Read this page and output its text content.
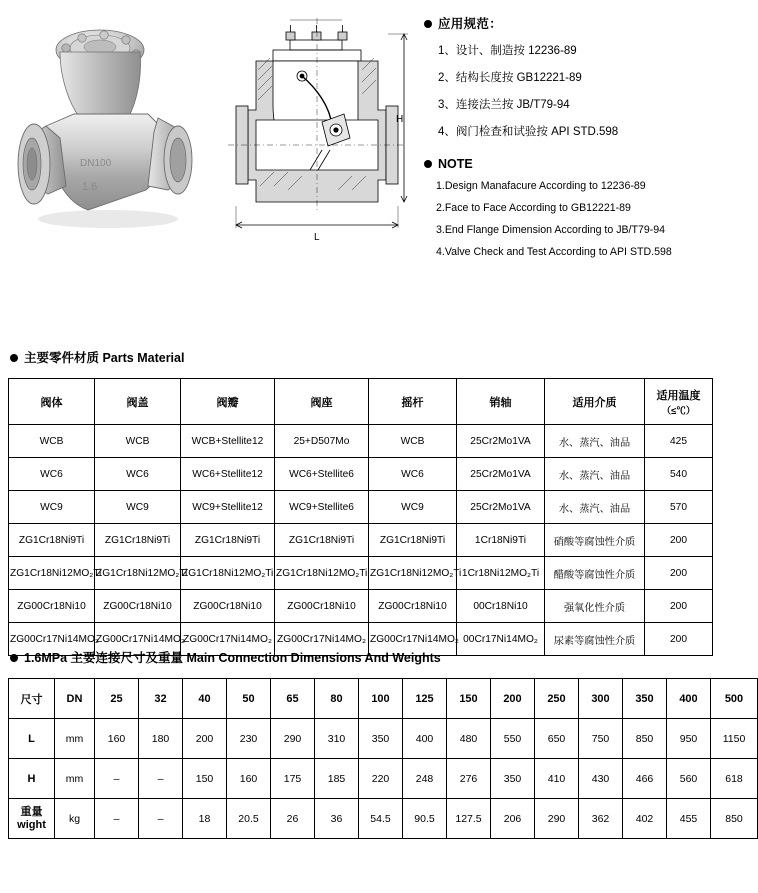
DN100
1.6
H
L
应用规范：
1、设计、制造按 12236-89
2、结构长度按 GB12221-89
3、连接法兰按 JB/T79-94
4、阀门检查和试验按 API STD.598
NOTE
1.Design Manafacure According to 12236-89
2.Face to Face According to GB12221-89
3.End Flange Dimension According to JB/T79-94
4.Valve Check and Test According to API STD.598
主要零件材质 Parts Material
阀体	阀盖	阀瓣	阀座	摇杆	销轴	适用介质	适用温度
（≤℃）

WCB	WCB	WCB+Stellite12	25+D507Mo	WCB	25Cr2Mo1VA	水、蒸汽、油品	425
WC6	WC6	WC6+Stellite12	WC6+Stellite6	WC6	25Cr2Mo1VA	水、蒸汽、油品	540
WC9	WC9	WC9+Stellite12	WC9+Stellite6	WC9	25Cr2Mo1VA	水、蒸汽、油品	570
ZG1Cr18Ni9Ti	ZG1Cr18Ni9Ti	ZG1Cr18Ni9Ti	ZG1Cr18Ni9Ti	ZG1Cr18Ni9Ti	1Cr18Ni9Ti	硝酸等腐蚀性介质	200
ZG1Cr18Ni12MO₂Ti	ZG1Cr18Ni12MO₂Ti	ZG1Cr18Ni12MO₂Ti	ZG1Cr18Ni12MO₂Ti	ZG1Cr18Ni12MO₂Ti	1Cr18Ni12MO₂Ti	醋酸等腐蚀性介质	200
ZG00Cr18Ni10	ZG00Cr18Ni10	ZG00Cr18Ni10	ZG00Cr18Ni10	ZG00Cr18Ni10	00Cr18Ni10	强氧化性介质	200
ZG00Cr17Ni14MO₂	ZG00Cr17Ni14MO₂	ZG00Cr17Ni14MO₂	ZG00Cr17Ni14MO₂	ZG00Cr17Ni14MO₂	00Cr17Ni14MO₂	尿素等腐蚀性介质	200
1.6MPa 主要连接尺寸及重量 Main Connection Dimensions And Weights
尺寸	DN	25	32	40	50	65	80	100	125	150	200	250	300	350	400	500
L	mm	160	180	200	230	290	310	350	400	480	550	650	750	850	950	1150
H	mm	–	–	150	160	175	185	220	248	276	350	410	430	466	560	618

重量
wight	kg	–	–	18	20.5	26	36	54.5	90.5	127.5	206	290	362	402	455	850
